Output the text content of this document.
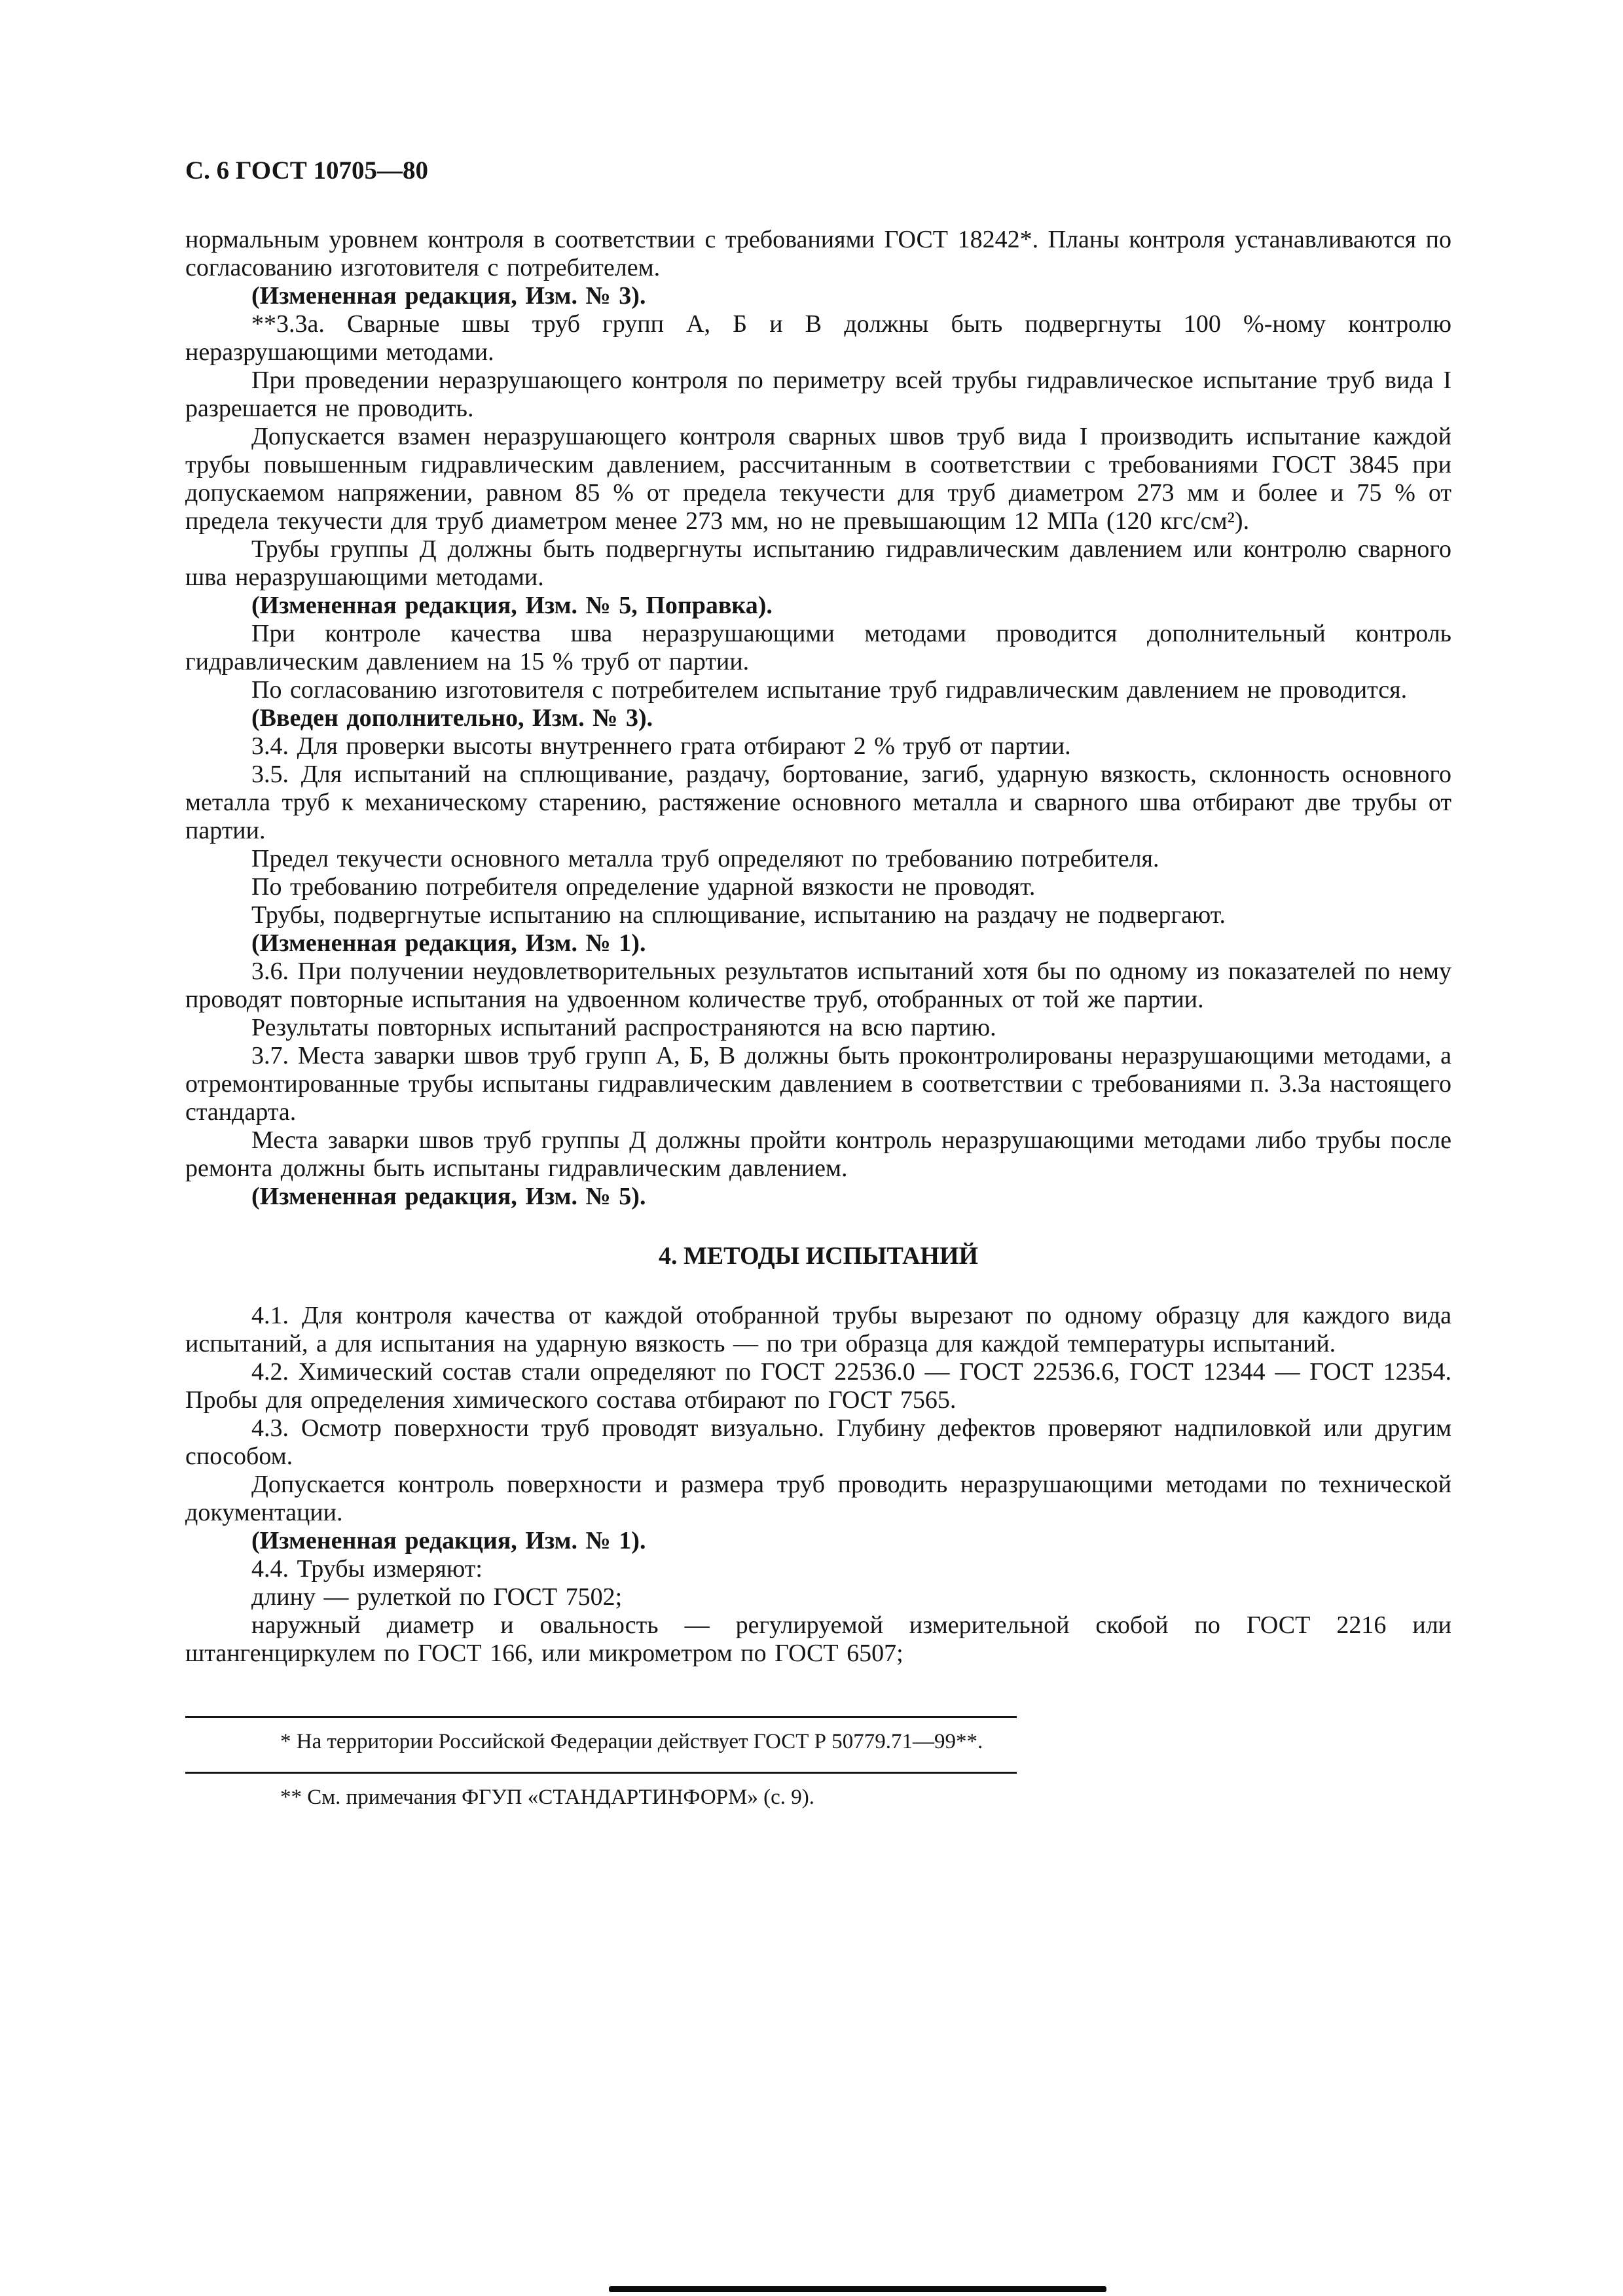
С. 6 ГОСТ 10705—80

нормальным уровнем контроля в соответствии с требованиями ГОСТ 18242*. Планы контроля устанавливаются по согласованию изготовителя с потребителем.

(Измененная редакция, Изм. № 3).

**3.3а. Сварные швы труб групп А, Б и В должны быть подвергнуты 100 %-ному контролю неразрушающими методами.

При проведении неразрушающего контроля по периметру всей трубы гидравлическое испытание труб вида I разрешается не проводить.

Допускается взамен неразрушающего контроля сварных швов труб вида I производить испытание каждой трубы повышенным гидравлическим давлением, рассчитанным в соответствии с требованиями ГОСТ 3845 при допускаемом напряжении, равном 85 % от предела текучести для труб диаметром 273 мм и более и 75 % от предела текучести для труб диаметром менее 273 мм, но не превышающим 12 МПа (120 кгс/см²).

Трубы группы Д должны быть подвергнуты испытанию гидравлическим давлением или контролю сварного шва неразрушающими методами.

(Измененная редакция, Изм. № 5, Поправка).

При контроле качества шва неразрушающими методами проводится дополнительный контроль гидравлическим давлением на 15 % труб от партии.

По согласованию изготовителя с потребителем испытание труб гидравлическим давлением не проводится.

(Введен дополнительно, Изм. № 3).

3.4. Для проверки высоты внутреннего грата отбирают 2 % труб от партии.

3.5. Для испытаний на сплющивание, раздачу, бортование, загиб, ударную вязкость, склонность основного металла труб к механическому старению, растяжение основного металла и сварного шва отбирают две трубы от партии.

Предел текучести основного металла труб определяют по требованию потребителя.

По требованию потребителя определение ударной вязкости не проводят.

Трубы, подвергнутые испытанию на сплющивание, испытанию на раздачу не подвергают.

(Измененная редакция, Изм. № 1).

3.6. При получении неудовлетворительных результатов испытаний хотя бы по одному из показателей по нему проводят повторные испытания на удвоенном количестве труб, отобранных от той же партии.

Результаты повторных испытаний распространяются на всю партию.

3.7. Места заварки швов труб групп А, Б, В должны быть проконтролированы неразрушающими методами, а отремонтированные трубы испытаны гидравлическим давлением в соответствии с требованиями п. 3.3а настоящего стандарта.

Места заварки швов труб группы Д должны пройти контроль неразрушающими методами либо трубы после ремонта должны быть испытаны гидравлическим давлением.

(Измененная редакция, Изм. № 5).

4. МЕТОДЫ ИСПЫТАНИЙ

4.1. Для контроля качества от каждой отобранной трубы вырезают по одному образцу для каждого вида испытаний, а для испытания на ударную вязкость — по три образца для каждой температуры испытаний.

4.2. Химический состав стали определяют по ГОСТ 22536.0 — ГОСТ 22536.6, ГОСТ 12344 — ГОСТ 12354. Пробы для определения химического состава отбирают по ГОСТ 7565.

4.3. Осмотр поверхности труб проводят визуально. Глубину дефектов проверяют надпиловкой или другим способом.

Допускается контроль поверхности и размера труб проводить неразрушающими методами по технической документации.

(Измененная редакция, Изм. № 1).

4.4. Трубы измеряют:

длину — рулеткой по ГОСТ 7502;

наружный диаметр и овальность — регулируемой измерительной скобой по ГОСТ 2216 или штангенциркулем по ГОСТ 166, или микрометром по ГОСТ 6507;

* На территории Российской Федерации действует ГОСТ Р 50779.71—99**.

** См. примечания ФГУП «СТАНДАРТИНФОРМ» (с. 9).
